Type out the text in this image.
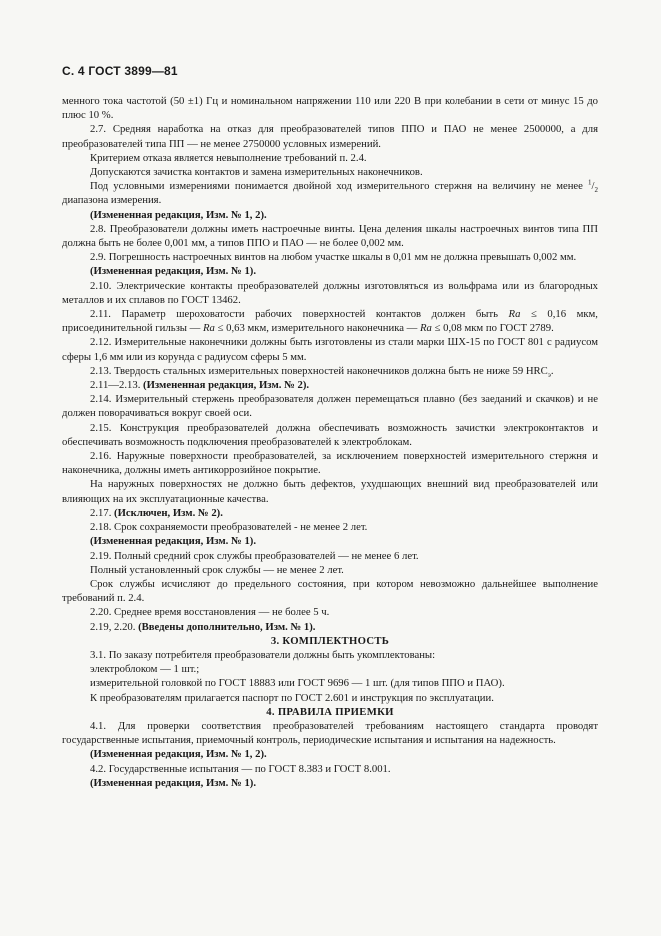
С. 4 ГОСТ 3899—81

менного тока частотой (50 ±1) Гц и номинальном напряжении 110 или 220 В при колебании в сети от минус 15 до плюс 10 %.

2.7. Средняя наработка на отказ для преобразователей типов ППО и ПАО не менее 2500000, а для преобразователей типа ПП — не менее 2750000 условных измерений.

Критерием отказа является невыполнение требований п. 2.4.

Допускаются зачистка контактов и замена измерительных наконечников.

Под условными измерениями понимается двойной ход измерительного стержня на величину не менее $^1/_2$ диапазона измерения.

(Измененная редакция, Изм. № 1, 2).

2.8. Преобразователи должны иметь настроечные винты. Цена деления шкалы настроечных винтов типа ПП должна быть не более 0,001 мм, а типов ППО и ПАО — не более 0,002 мм.

2.9. Погрешность настроечных винтов на любом участке шкалы в 0,01 мм не должна превышать 0,002 мм.

(Измененная редакция, Изм. № 1).

2.10. Электрические контакты преобразователей должны изготовляться из вольфрама или из благородных металлов и их сплавов по ГОСТ 13462.

2.11. Параметр шероховатости рабочих поверхностей контактов должен быть Ra ≤ 0,16 мкм, присоединительной гильзы — Ra ≤ 0,63 мкм, измерительного наконечника — Ra ≤ 0,08 мкм по ГОСТ 2789.

2.12. Измерительные наконечники должны быть изготовлены из стали марки ШХ-15 по ГОСТ 801 с радиусом сферы 1,6 мм или из корунда с радиусом сферы 5 мм.

2.13. Твердость стальных измерительных поверхностей наконечников должна быть не ниже 59 $HRC_э$.

2.11—2.13. (Измененная редакция, Изм. № 2).

2.14. Измерительный стержень преобразователя должен перемещаться плавно (без заеданий и скачков) и не должен поворачиваться вокруг своей оси.

2.15. Конструкция преобразователей должна обеспечивать возможность зачистки электроконтактов и обеспечивать возможность подключения преобразователей к электроблокам.

2.16. Наружные поверхности преобразователей, за исключением поверхностей измерительного стержня и наконечника, должны иметь антикоррозийное покрытие.

На наружных поверхностях не должно быть дефектов, ухудшающих внешний вид преобразователей или влияющих на их эксплуатационные качества.

2.17. (Исключен, Изм. № 2).

2.18. Срок сохраняемости преобразователей - не менее 2 лет.

(Измененная редакция, Изм. № 1).

2.19. Полный средний срок службы преобразователей — не менее 6 лет.

Полный установленный срок службы — не менее 2 лет.

Срок службы исчисляют до предельного состояния, при котором невозможно дальнейшее выполнение требований п. 2.4.

2.20. Среднее время восстановления — не более 5 ч.

2.19, 2.20. (Введены дополнительно, Изм. № 1).

3. КОМПЛЕКТНОСТЬ

3.1. По заказу потребителя преобразователи должны быть укомплектованы:

электроблоком — 1 шт.;

измерительной головкой по ГОСТ 18883 или ГОСТ 9696 — 1 шт. (для типов ППО и ПАО).

К преобразователям прилагается паспорт по ГОСТ 2.601 и инструкция по эксплуатации.

4. ПРАВИЛА ПРИЕМКИ

4.1. Для проверки соответствия преобразователей требованиям настоящего стандарта проводят государственные испытания, приемочный контроль, периодические испытания и испытания на надежность.

(Измененная редакция, Изм. № 1, 2).

4.2. Государственные испытания — по ГОСТ 8.383 и ГОСТ 8.001.

(Измененная редакция, Изм. № 1).
